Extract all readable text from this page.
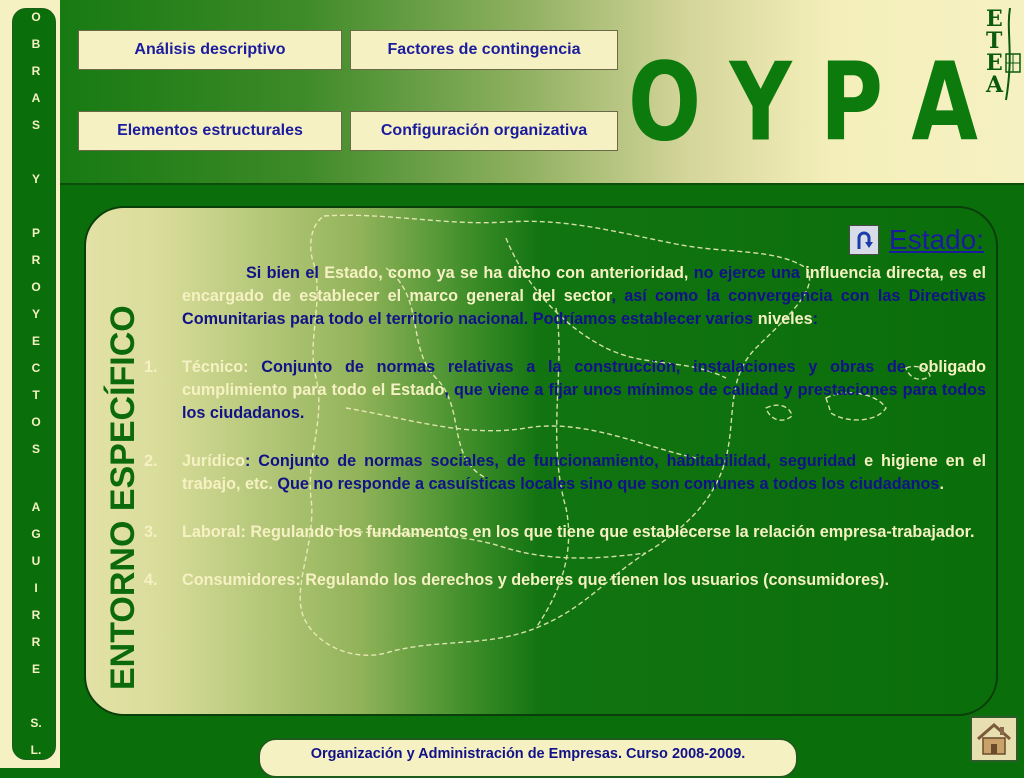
O
B
R
A
S
Y
P
R
O
Y
E
C
T
O
S
A
G
U
I
R
R
E
S.
L.
Análisis descriptivo	Factores de contingencia
Elementos estructurales	Configuración organizativa O Y P A
E
T
E
A
ENTORNO ESPECÍFICO
Estado:

Si bien el Estado, como ya se ha dicho con anterioridad, no ejerce una influencia directa, es el encargado de establecer el marco general del sector, así como la convergencia con las Directivas Comunitarias para todo el territorio nacional. Podríamos establecer varios niveles:

1. Técnico: Conjunto de normas relativas a la construcción, instalaciones y obras de obligado cumplimiento para todo el Estado, que viene a fijar unos mínimos de calidad y prestaciones para todos los ciudadanos.
2. Jurídico: Conjunto de normas sociales, de funcionamiento, habitabilidad, seguridad e higiene en el trabajo, etc. Que no responde a casuísticas locales sino que son comunes a todos los ciudadanos.
3. Laboral: Regulando los fundamentos en los que tiene que establecerse la relación empresa-trabajador.
4. Consumidores: Regulando los derechos y deberes que tienen los usuarios (consumidores).
Organización y Administración de Empresas. Curso 2008-2009.
